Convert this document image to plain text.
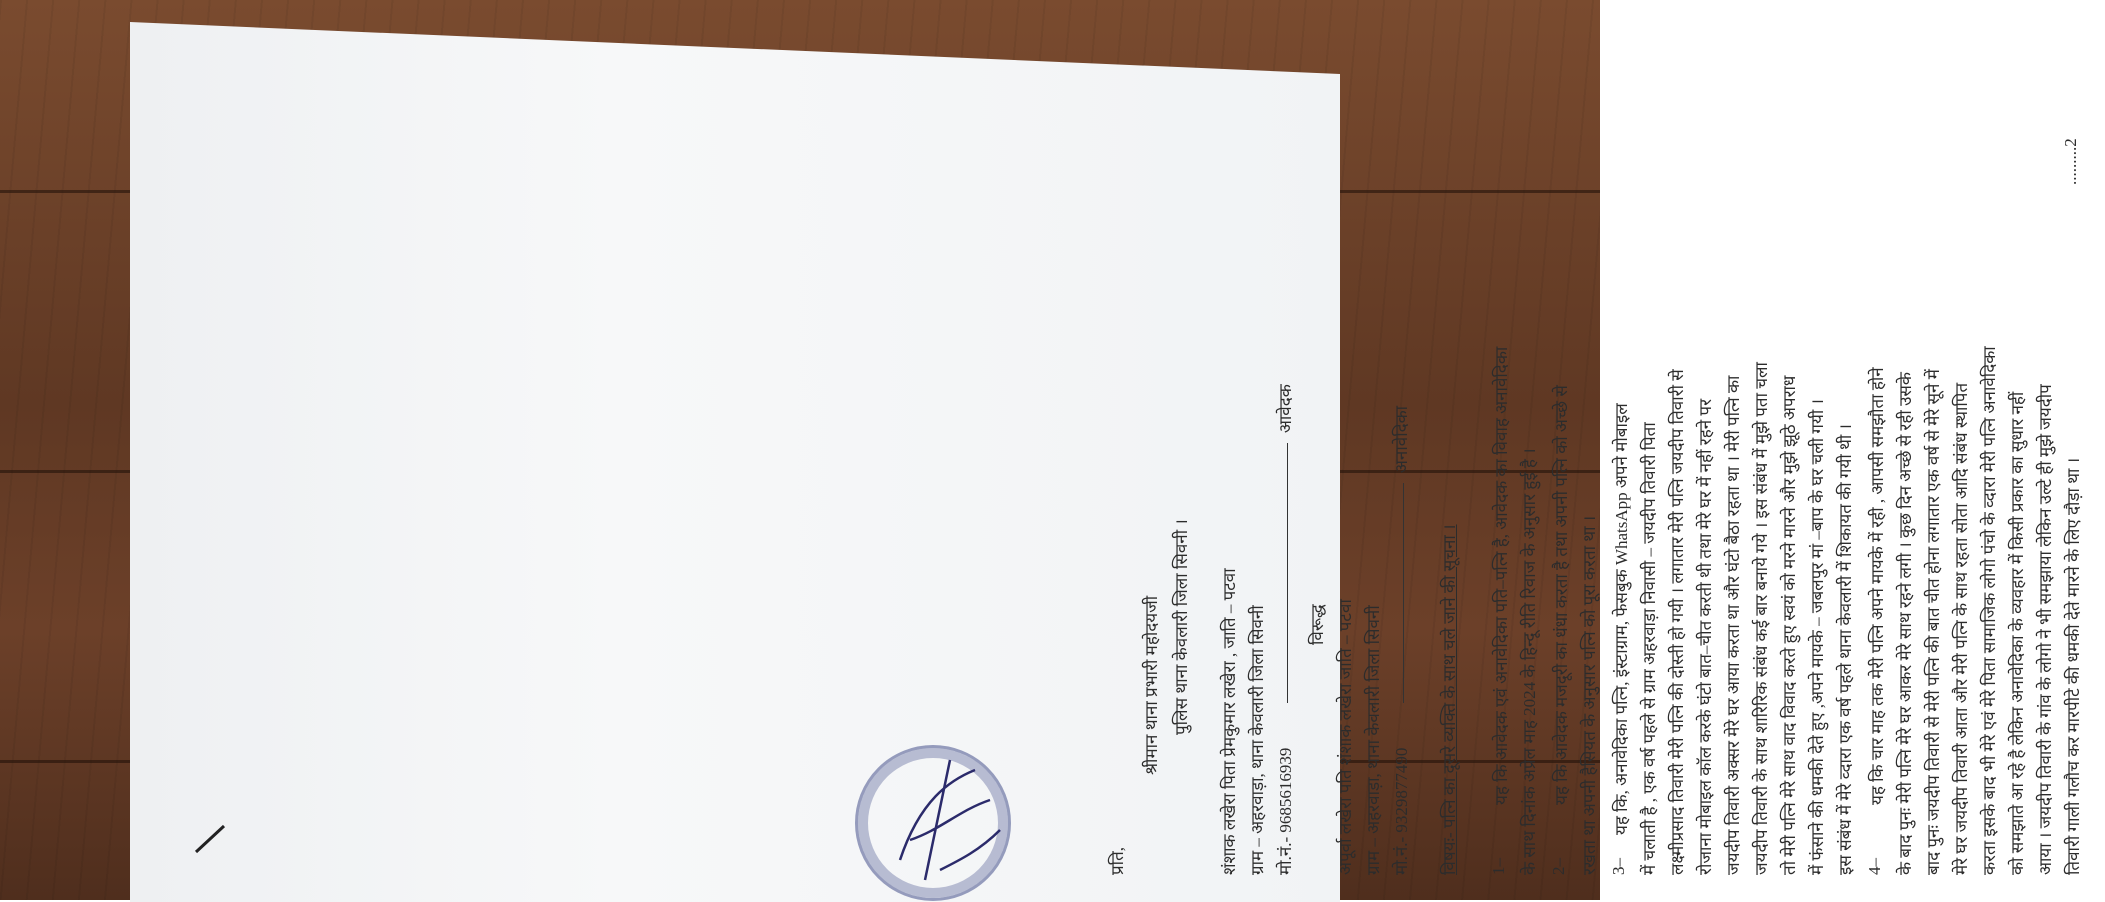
प्रति,
श्रीमान थाना प्रभारी महोदयजी पुलिस थाना केवलारी जिला सिवनी । शंशाक लखेरा पिता प्रेमकुमार लखेरा , जाति – पटवा ग्राम – अहरवाड़ा, थाना केवलारी जिला सिवनी मो.नं.- 9685616939  आवेदक
विरूद्ध अपूर्वा लखेरा पति शंशाक लखेरा जाति – पटवा ग्राम – अहरवाड़ा, थाना केवलारी जिला सिवनी मो.नं.- 9329877490  अनावेदिका
विषयः- पत्नि का दूसरे व्यक्ति के साथ चले जाने की सूचना । 1–
यह कि आवेदक एवं अनावेदिका पति–पत्नि है, आवेदक का विवाह अनावेदिका के साथ दिनांक अप्रेल माह 2024 के हिन्दू रीति रिवाज के अनुसार हुई है । 2–
यह कि आवेदक मजदूरी का धंधा करता है तथा अपनी पत्नि को अच्छे से रखता था अपनी हैसियत के अनुसार पत्नि को पूरा करता था । 3–
यह कि, अनावेदिका पत्नि, इंस्टाग्राम, फेसबुक WhatsApp अपने मोबाइल में चलाती है , एक वर्ष पहले से ग्राम अहरवाड़ा निवासी – जयदीप तिवारी पिता लक्ष्मीप्रसाद तिवारी मेरी पत्नि की दोस्ती हो गयी । लगातार मेरी पत्नि जयदीप तिवारी से रोजाना मोबाइल कॉल करके घंटो बात–चीत करती थी तथा मेरे घर में नहीं रहने पर जयदीप तिवारी अक्सर मेरे घर आया करता था और घंटो बैठा रहता था । मेरी पत्नि का जयदीप तिवारी के साथ शारिरिक संबंध कई बार बनाये गये । इस संबंध में मुझे पता चला तो मेरी पत्नि मेरे साथ वाद विवाद करते हुए स्वयं को मरने मारने और मुझे झूठे अपराध में फंसाने की धमकी देते हुए ,अपने मायके – जबलपुर मां –बाप के घर चली गयी । इस संबंध में मेरे व्दारा एक वर्ष पहले थाना केवलारी में शिकायत की गयी थी । 4–
यह कि चार माह तक मेरी पत्नि अपने मायके में रही , आपसी समझौता होने के बाद पुनः मेरी पत्नि मेरे घर आकर मेरे साथ रहने लगी । कुछ दिन अच्छे से रही उसके बाद पुनः जयदीप तिवारी से मेरी पत्नि की बात चीत होना लगातार एक वर्ष से मेरे सूने में मेरे घर जयदीप तिवारी आता और मेरी पत्नि के साथ रहता सोता आदि संबंध स्थापित करता इसके बाद भी मेरे एवं मेरे पिता सामाजिक लोगो पंचो के व्दारा मेरी पत्नि अनावेदिका को समझाते आ रहे है लेकिन अनावेदिका के व्यवहार में किसी प्रकार का सुधार नहीं आया । जयदीप तिवारी के गांव के लोगो ने भी समझाया लेकिन उल्टे ही मुझे जयदीप तिवारी गाली गलौच कर मारपीटे की धमकी देते मारने के लिए दौड़ा था ।
.........2
